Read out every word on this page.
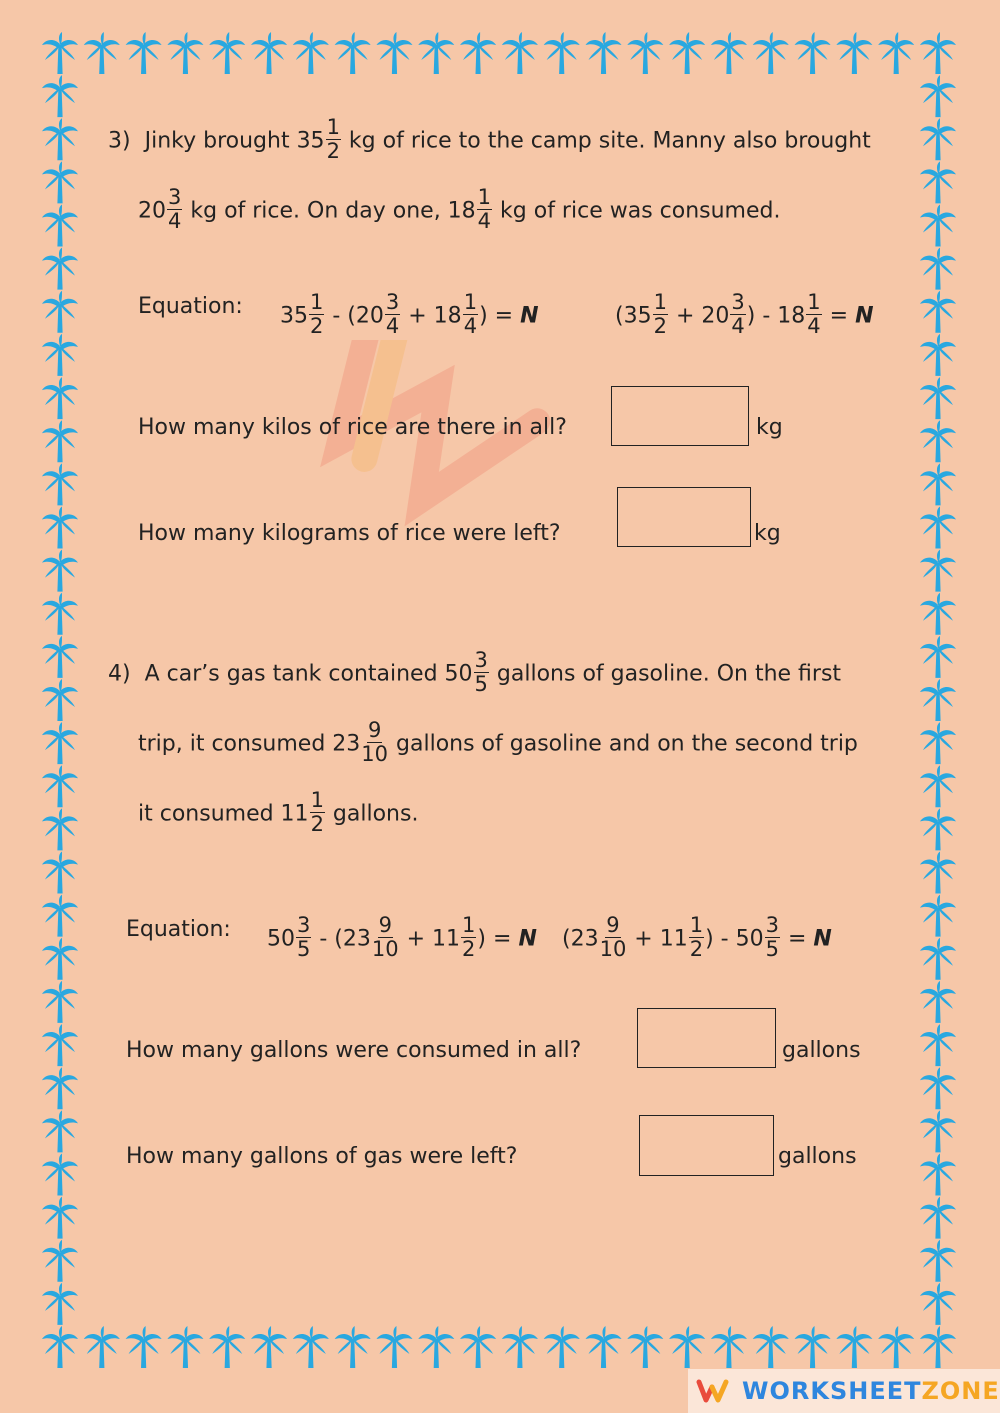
3) Jinky brought $35 \frac{1}{2}$ kg of rice to the camp site. Manny also brought
$20 \frac{3}{4}$ kg of rice. On day one, $18 \frac{1}{4}$ kg of rice was consumed.
Equation: $35 \frac{1}{2} - (20 \frac{3}{4} + 18 \frac{1}{4}$ ) = N	($35 \frac{1}{2} + 20 \frac{3}{4}$ ) - $18 \frac{1}{4} = N$
How many kilos of rice are there in all?	kg
How many kilograms of rice were left?	kg
4) A car’s gas tank contained $50 \frac{3}{5}$ gallons of gasoline. On the first
trip, it consumed $23 \frac{9}{10}$ gallons of gasoline and on the second trip
it consumed $11 \frac{1}{2}$ gallons.
Equation: $50 \frac{3}{5} - (23 \frac{9}{10} + 11 \frac{1}{2}$ ) = N ($23 \frac{9}{10} + 11 \frac{1}{2}$ ) - $50 \frac{3}{5} = N$
How many gallons were consumed in all?	gallons
How many gallons of gas were left?	gallons
WORKSHEETZONE
